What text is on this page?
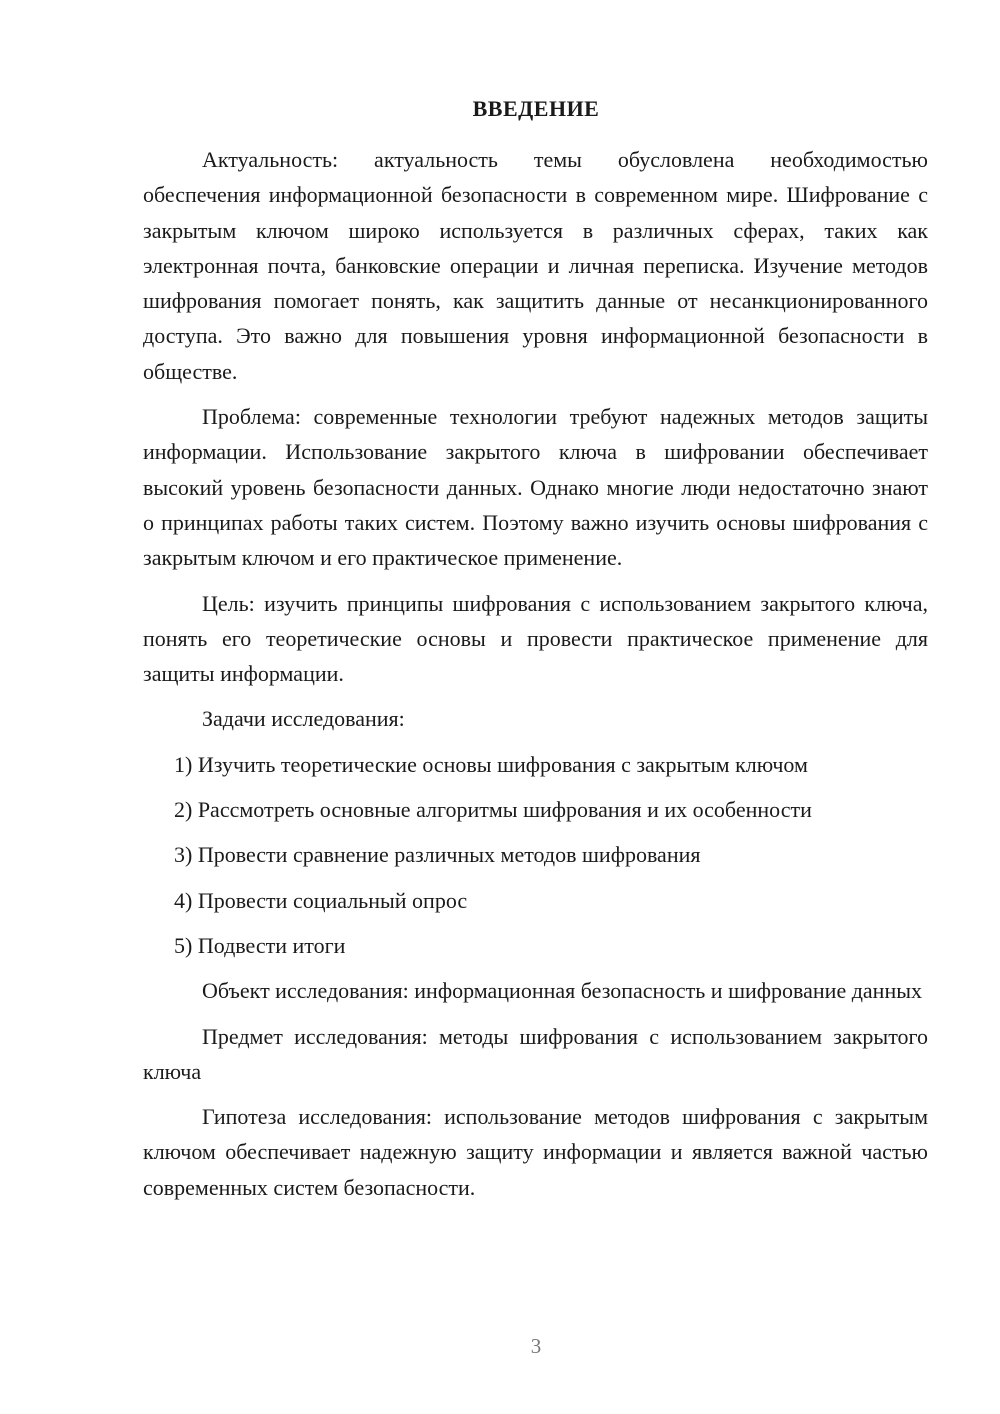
ВВЕДЕНИЕ

Актуальность: актуальность темы обусловлена необходимостью обеспечения информационной безопасности в современном мире. Шифрование с закрытым ключом широко используется в различных сферах, таких как электронная почта, банковские операции и личная переписка. Изучение методов шифрования помогает понять, как защитить данные от несанкционированного доступа. Это важно для повышения уровня информационной безопасности в обществе.

Проблема: современные технологии требуют надежных методов защиты информации. Использование закрытого ключа в шифровании обеспечивает высокий уровень безопасности данных. Однако многие люди недостаточно знают о принципах работы таких систем. Поэтому важно изучить основы шифрования с закрытым ключом и его практическое применение.

Цель: изучить принципы шифрования с использованием закрытого ключа, понять его теоретические основы и провести практическое применение для защиты информации.

Задачи исследования:

1) Изучить теоретические основы шифрования с закрытым ключом

2) Рассмотреть основные алгоритмы шифрования и их особенности

3) Провести сравнение различных методов шифрования

4) Провести социальный опрос

5) Подвести итоги

Объект исследования: информационная безопасность и шифрование данных

Предмет исследования: методы шифрования с использованием закрытого ключа

Гипотеза исследования: использование методов шифрования с закрытым ключом обеспечивает надежную защиту информации и является важной частью современных систем безопасности.

3
